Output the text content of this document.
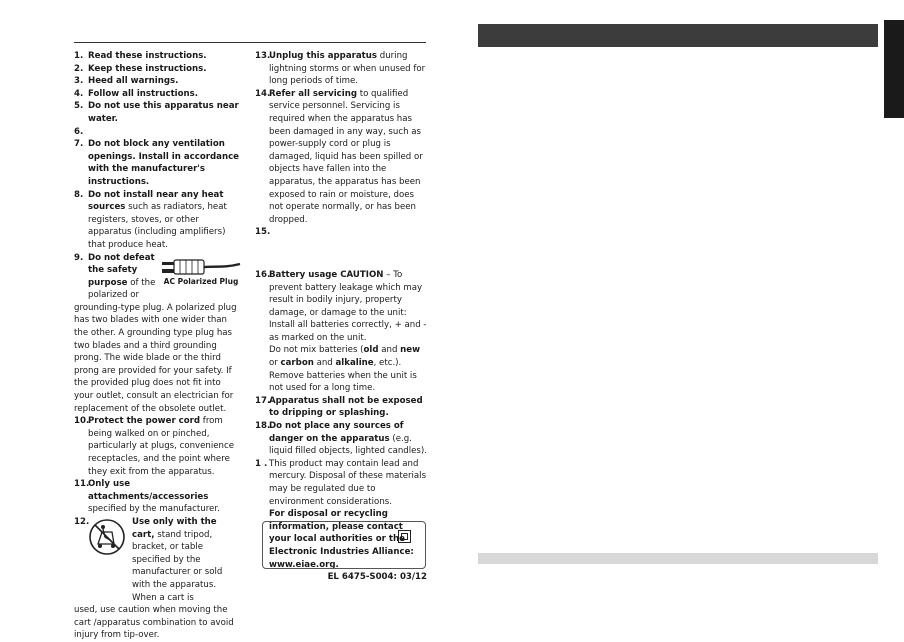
1. Read these instructions.
2. Keep these instructions.
3. Heed all warnings.
4. Follow all instructions.
5. Do not use this apparatus near water.
6.
7. Do not block any ventilation openings. Install in accordance with the manufacturer's instructions.
8. Do not install near any heat sources such as radiators, heat registers, stoves, or other apparatus (including amplifiers) that produce heat.
9. Do not defeat the safety purpose of the polarized or
AC Polarized Plug
grounding-type plug. A polarized plug has two blades with one wider than the other. A grounding type plug has two blades and a third grounding prong. The wide blade or the third prong are provided for your safety. If the provided plug does not fit into your outlet, consult an electrician for replacement of the obsolete outlet.
10.
Protect the power cord from being walked on or pinched, particularly at plugs, convenience receptacles, and the point where they exit from the apparatus.
11.
Only use attachments/accessories specified by the manufacturer.
12.	Use only with the cart, stand tripod, bracket, or table specified by the manufacturer or sold with the apparatus. When a cart is
used, use caution when moving the cart /apparatus combination to avoid injury from tip-over.
13.
Unplug this apparatus during lightning storms or when unused for long periods of time.
14.
Refer all servicing to qualified service personnel. Servicing is required when the apparatus has been damaged in any way, such as power-supply cord or plug is damaged, liquid has been spilled or objects have fallen into the apparatus, the apparatus has been exposed to rain or moisture, does not operate normally, or has been dropped.
15.
16.
Battery usage CAUTION – To prevent battery leakage which may result in bodily injury, property damage, or damage to the unit:
Install all batteries correctly, + and - as marked on the unit.
Do not mix batteries (old and new or carbon and alkaline, etc.).
Remove batteries when the unit is not used for a long time.
17.
Apparatus shall not be exposed to dripping or splashing.
18.
Do not place any sources of danger on the apparatus (e.g. liquid filled objects, lighted candles).
1 . This product may contain lead and mercury. Disposal of these materials may be regulated due to environment considerations.
For disposal or recycling information, please contact your local authorities or the Electronic Industries Alliance: www.eiae.org.
EL 6475-S004: 03/12
